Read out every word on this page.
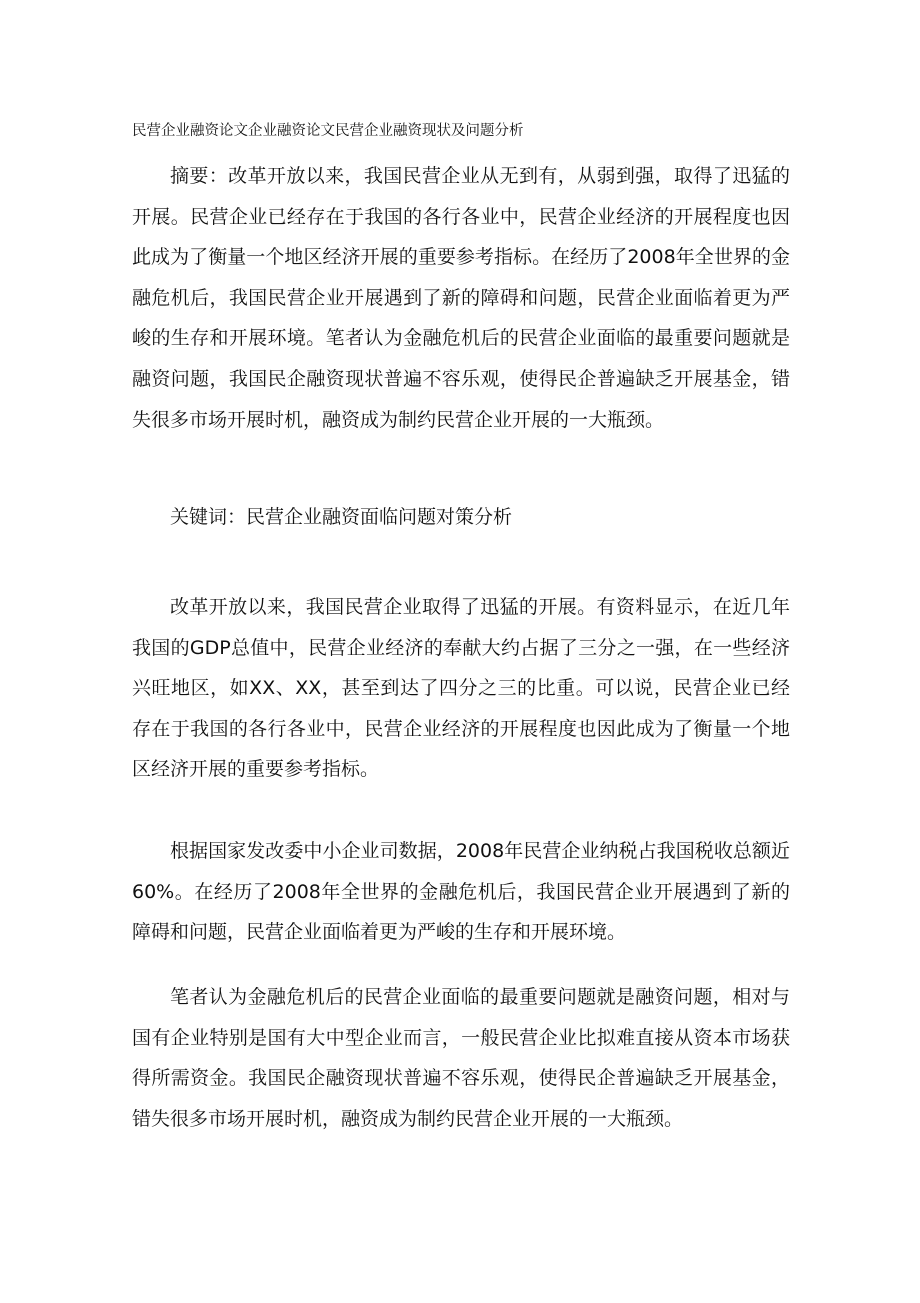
民营企业融资论文企业融资论文民营企业融资现状及问题分析

摘要：改革开放以来，我国民营企业从无到有，从弱到强，取得了迅猛的开展。民营企业已经存在于我国的各行各业中，民营企业经济的开展程度也因此成为了衡量一个地区经济开展的重要参考指标。在经历了2008年全世界的金融危机后，我国民营企业开展遇到了新的障碍和问题，民营企业面临着更为严峻的生存和开展环境。笔者认为金融危机后的民营企业面临的最重要问题就是融资问题，我国民企融资现状普遍不容乐观，使得民企普遍缺乏开展基金，错失很多市场开展时机，融资成为制约民营企业开展的一大瓶颈。

关键词：民营企业融资面临问题对策分析

改革开放以来，我国民营企业取得了迅猛的开展。有资料显示，在近几年我国的GDP总值中，民营企业经济的奉献大约占据了三分之一强，在一些经济兴旺地区，如XX、XX，甚至到达了四分之三的比重。可以说，民营企业已经存在于我国的各行各业中，民营企业经济的开展程度也因此成为了衡量一个地区经济开展的重要参考指标。

根据国家发改委中小企业司数据，2008年民营企业纳税占我国税收总额近60%。在经历了2008年全世界的金融危机后，我国民营企业开展遇到了新的障碍和问题，民营企业面临着更为严峻的生存和开展环境。

笔者认为金融危机后的民营企业面临的最重要问题就是融资问题，相对与国有企业特别是国有大中型企业而言，一般民营企业比拟难直接从资本市场获得所需资金。我国民企融资现状普遍不容乐观，使得民企普遍缺乏开展基金，错失很多市场开展时机，融资成为制约民营企业开展的一大瓶颈。
